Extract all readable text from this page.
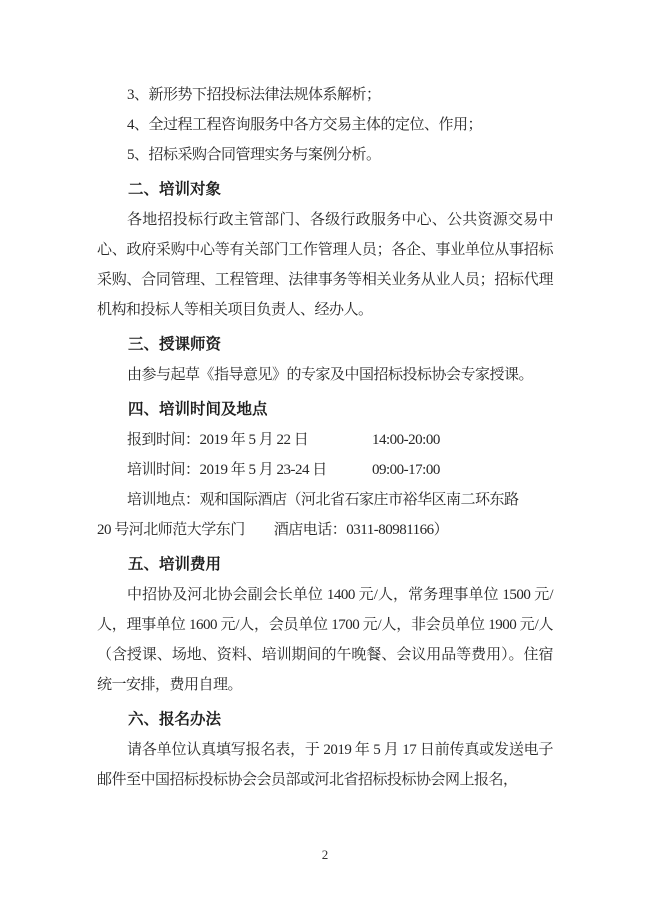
3、新形势下招投标法律法规体系解析；

4、全过程工程咨询服务中各方交易主体的定位、作用；

5、招标采购合同管理实务与案例分析。

二、培训对象

各地招投标行政主管部门、各级行政服务中心、公共资源交易中心、政府采购中心等有关部门工作管理人员；各企、事业单位从事招标采购、合同管理、工程管理、法律事务等相关业务从业人员；招标代理机构和投标人等相关项目负责人、经办人。

三、授课师资

由参与起草《指导意见》的专家及中国招标投标协会专家授课。

四、培训时间及地点

报到时间：2019 年 5 月 22 日	14:00-20:00

培训时间：2019 年 5 月 23-24 日	09:00-17:00

培训地点：观和国际酒店（河北省石家庄市裕华区南二环东路

20 号河北师范大学东门　　酒店电话：0311-80981166）

五、培训费用

中招协及河北协会副会长单位 1400 元/人，常务理事单位 1500 元/人，理事单位 1600 元/人，会员单位 1700 元/人，非会员单位 1900 元/人（含授课、场地、资料、培训期间的午晚餐、会议用品等费用）。住宿统一安排，费用自理。

六、报名办法

请各单位认真填写报名表，于 2019 年 5 月 17 日前传真或发送电子邮件至中国招标投标协会会员部或河北省招标投标协会网上报名，

2
